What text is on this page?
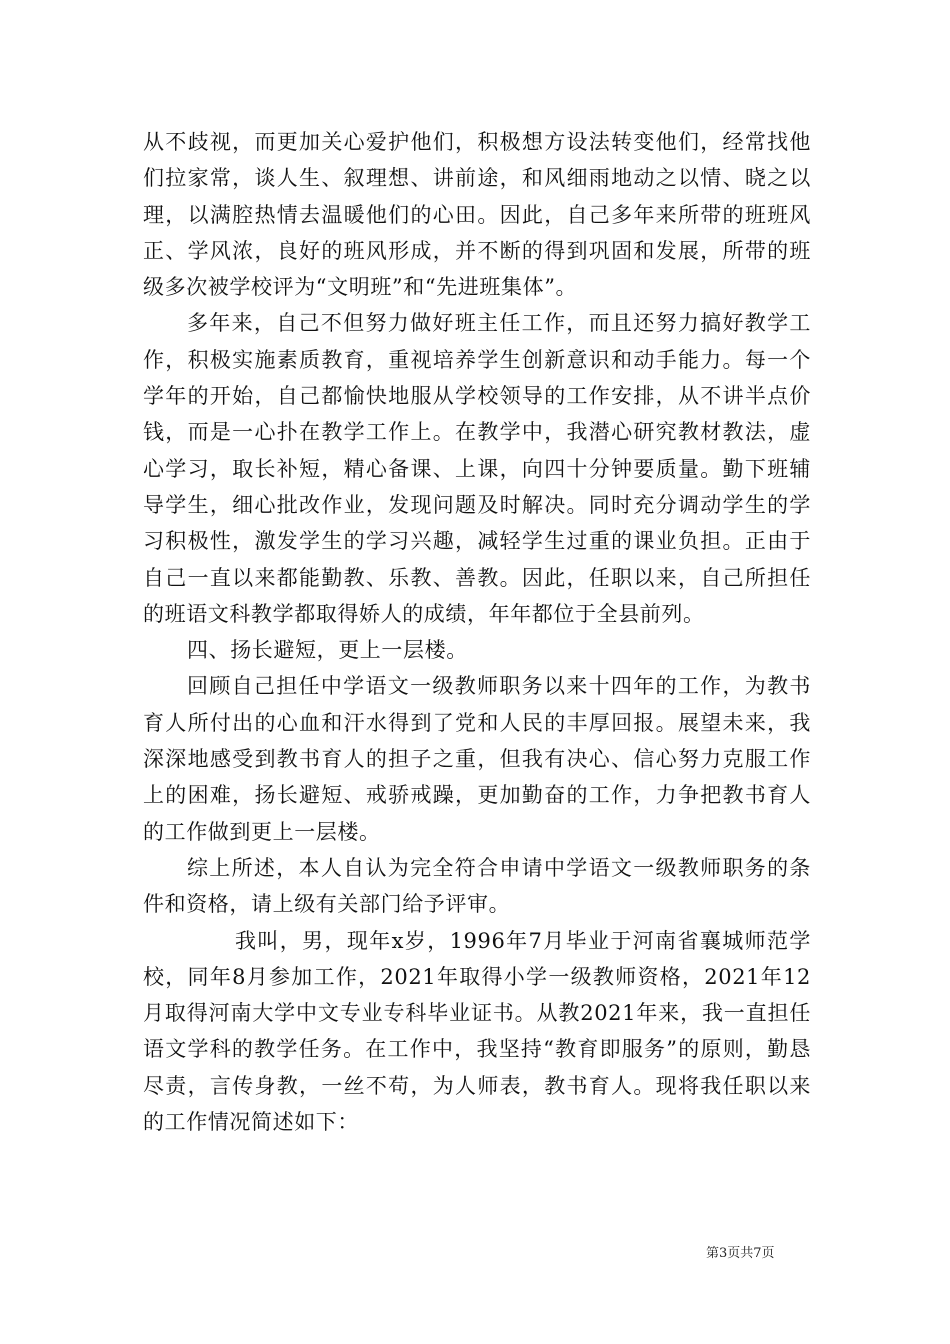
从不歧视，而更加关心爱护他们，积极想方设法转变他们，经常找他们拉家常，谈人生、叙理想、讲前途，和风细雨地动之以情、晓之以理，以满腔热情去温暖他们的心田。因此，自己多年来所带的班班风正、学风浓，良好的班风形成，并不断的得到巩固和发展，所带的班级多次被学校评为“文明班”和“先进班集体”。

多年来，自己不但努力做好班主任工作，而且还努力搞好教学工作，积极实施素质教育，重视培养学生创新意识和动手能力。每一个学年的开始，自己都愉快地服从学校领导的工作安排，从不讲半点价钱，而是一心扑在教学工作上。在教学中，我潜心研究教材教法，虚心学习，取长补短，精心备课、上课，向四十分钟要质量。勤下班辅导学生，细心批改作业，发现问题及时解决。同时充分调动学生的学习积极性，激发学生的学习兴趣，减轻学生过重的课业负担。正由于自己一直以来都能勤教、乐教、善教。因此，任职以来，自己所担任的班语文科教学都取得娇人的成绩，年年都位于全县前列。

四、扬长避短，更上一层楼。

回顾自己担任中学语文一级教师职务以来十四年的工作，为教书育人所付出的心血和汗水得到了党和人民的丰厚回报。展望未来，我深深地感受到教书育人的担子之重，但我有决心、信心努力克服工作上的困难，扬长避短、戒骄戒躁，更加勤奋的工作，力争把教书育人的工作做到更上一层楼。

综上所述，本人自认为完全符合申请中学语文一级教师职务的条件和资格，请上级有关部门给予评审。

我叫，男，现年x岁，1996年7月毕业于河南省襄城师范学校，同年8月参加工作，2021年取得小学一级教师资格，2021年12月取得河南大学中文专业专科毕业证书。从教2021年来，我一直担任语文学科的教学任务。在工作中，我坚持“教育即服务”的原则，勤恳尽责，言传身教，一丝不苟，为人师表，教书育人。现将我任职以来的工作情况简述如下：

第3页共7页
